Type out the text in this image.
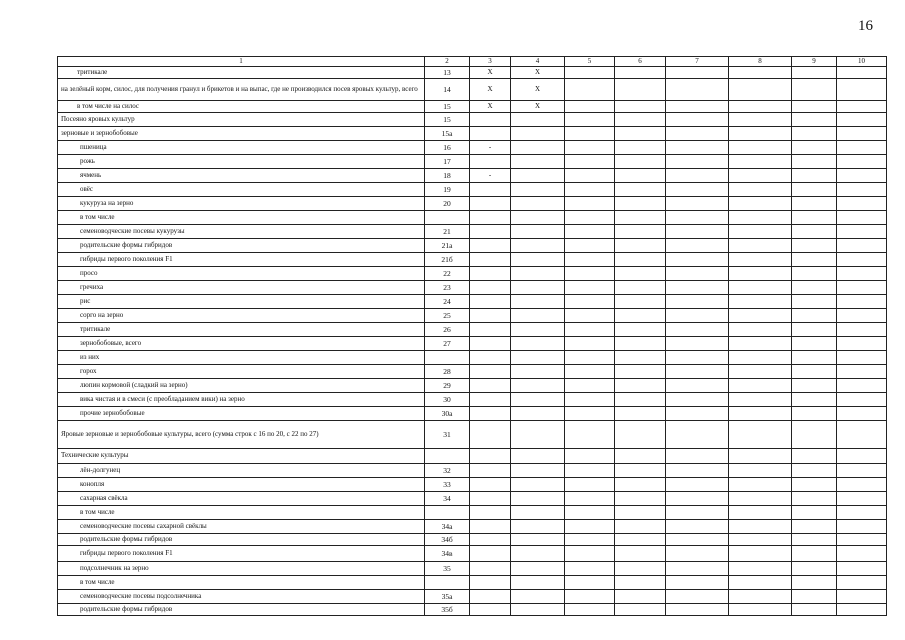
16
1	2	3	4	5	6	7	8	9	10
тритикале	13	X	X						
на зелёный корм, силос, для получения гранул и брикетов и на выпас, где не производился посев яровых культур, всего	14	X	X						
в том числе на силос	15	X	X						
Посеяно яровых культур	15								
зерновые и зернобобовые	15а								
пшеница	16	-							
рожь	17								
ячмень	18	-							
овёс	19								
кукуруза на зерно	20								
в том числе									
семеноводческие посевы кукурузы	21								
родительские формы гибридов	21а								
гибриды первого поколения F1	21б								
просо	22								
гречиха	23								
рис	24								
сорго на зерно	25								
тритикале	26								
зернобобовые, всего	27								
из них									
горох	28								
люпин кормовой (сладкий на зерно)	29								
вика чистая и в смеси (с преобладанием вики) на зерно	30								
прочие зернобобовые	30а								
Яровые зерновые и зернобобовые культуры, всего (сумма строк с 16 по 20, с 22 по 27)	31								
Технические культуры									
лён-долгунец	32								
конопля	33								
сахарная свёкла	34								
в том числе									
семеноводческие посевы сахарной свёклы	34а								
родительские формы гибридов	34б								
гибриды первого поколения F1	34в								
подсолнечник на зерно	35								
в том числе									
семеноводческие посевы подсолнечника	35а								
родительские формы гибридов	35б								
